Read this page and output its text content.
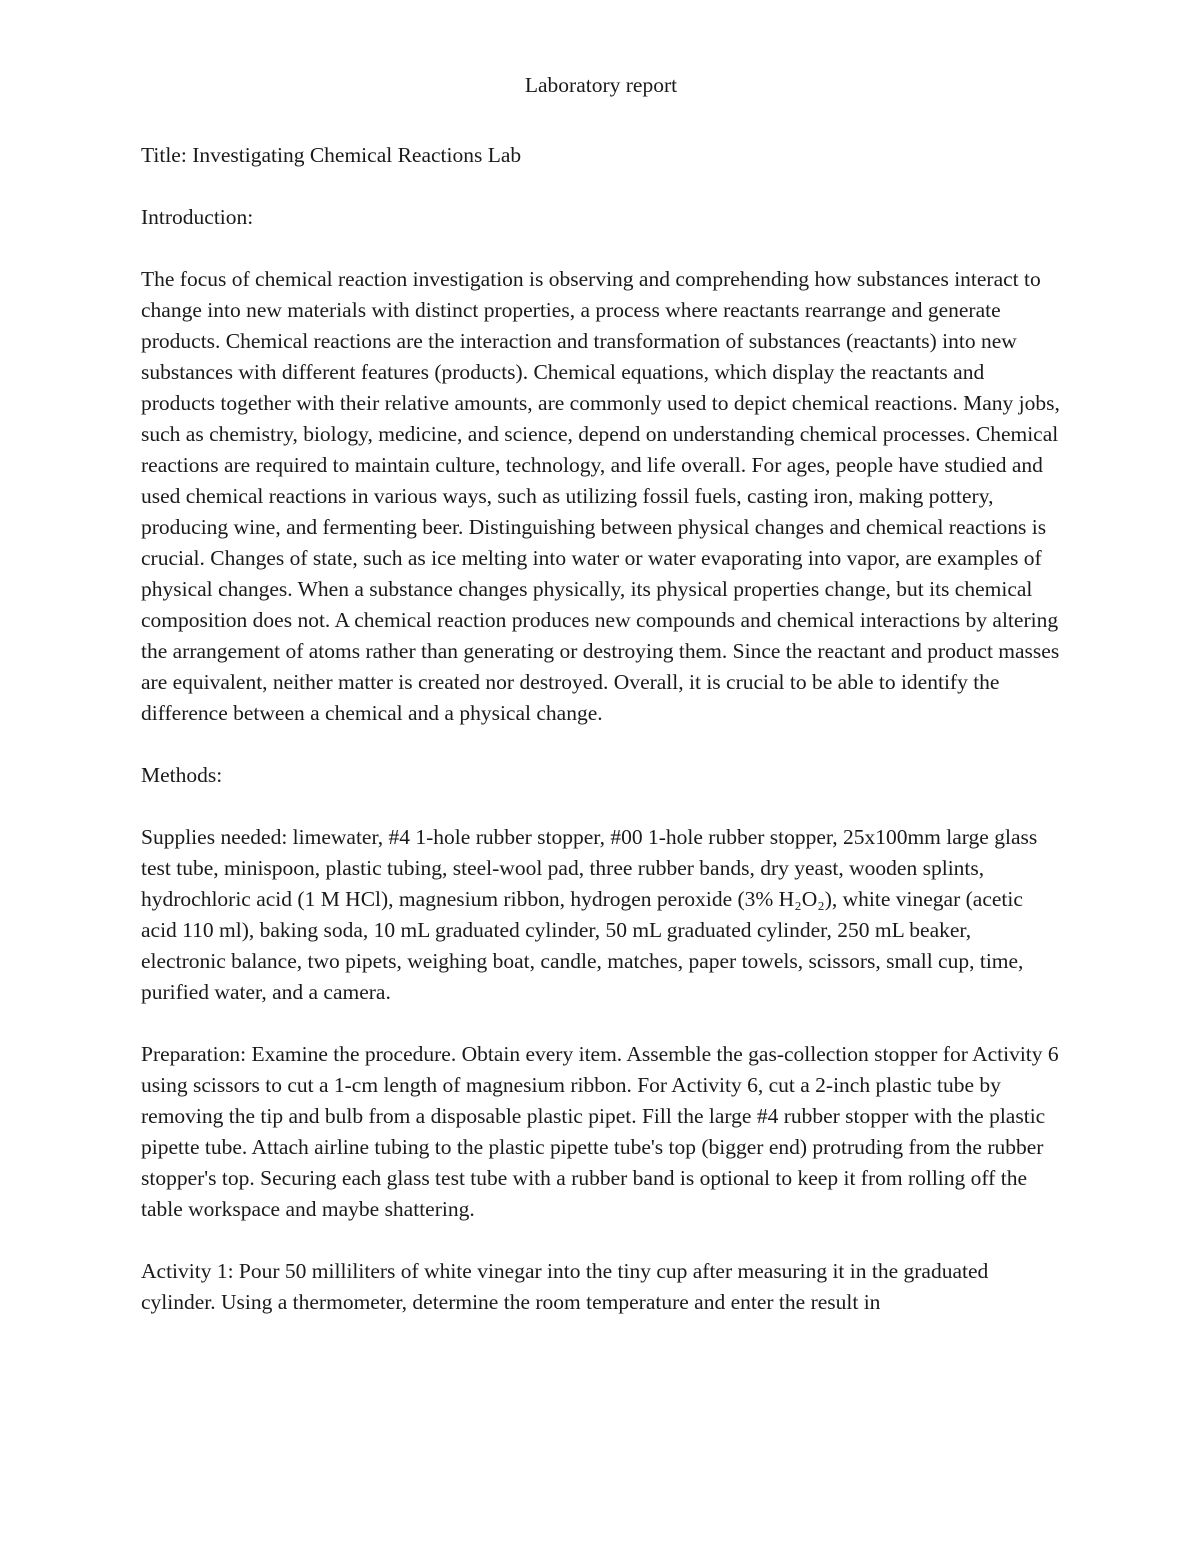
Laboratory report
Title: Investigating Chemical Reactions Lab
Introduction:
The focus of chemical reaction investigation is observing and comprehending how substances interact to change into new materials with distinct properties, a process where reactants rearrange and generate products. Chemical reactions are the interaction and transformation of substances (reactants) into new substances with different features (products). Chemical equations, which display the reactants and products together with their relative amounts, are commonly used to depict chemical reactions. Many jobs, such as chemistry, biology, medicine, and science, depend on understanding chemical processes. Chemical reactions are required to maintain culture, technology, and life overall. For ages, people have studied and used chemical reactions in various ways, such as utilizing fossil fuels, casting iron, making pottery, producing wine, and fermenting beer. Distinguishing between physical changes and chemical reactions is crucial. Changes of state, such as ice melting into water or water evaporating into vapor, are examples of physical changes. When a substance changes physically, its physical properties change, but its chemical composition does not. A chemical reaction produces new compounds and chemical interactions by altering the arrangement of atoms rather than generating or destroying them. Since the reactant and product masses are equivalent, neither matter is created nor destroyed. Overall, it is crucial to be able to identify the difference between a chemical and a physical change.
Methods:
Supplies needed: limewater, #4 1-hole rubber stopper, #00 1-hole rubber stopper, 25x100mm large glass test tube, minispoon, plastic tubing, steel-wool pad, three rubber bands, dry yeast, wooden splints, hydrochloric acid (1 M HCl), magnesium ribbon, hydrogen peroxide (3% H₂O₂), white vinegar (acetic acid 110 ml), baking soda, 10 mL graduated cylinder, 50 mL graduated cylinder, 250 mL beaker, electronic balance, two pipets, weighing boat, candle, matches, paper towels, scissors, small cup, time, purified water, and a camera.
Preparation: Examine the procedure. Obtain every item. Assemble the gas-collection stopper for Activity 6 using scissors to cut a 1-cm length of magnesium ribbon. For Activity 6, cut a 2-inch plastic tube by removing the tip and bulb from a disposable plastic pipet. Fill the large #4 rubber stopper with the plastic pipette tube. Attach airline tubing to the plastic pipette tube's top (bigger end) protruding from the rubber stopper's top. Securing each glass test tube with a rubber band is optional to keep it from rolling off the table workspace and maybe shattering.
Activity 1: Pour 50 milliliters of white vinegar into the tiny cup after measuring it in the graduated cylinder. Using a thermometer, determine the room temperature and enter the result in
